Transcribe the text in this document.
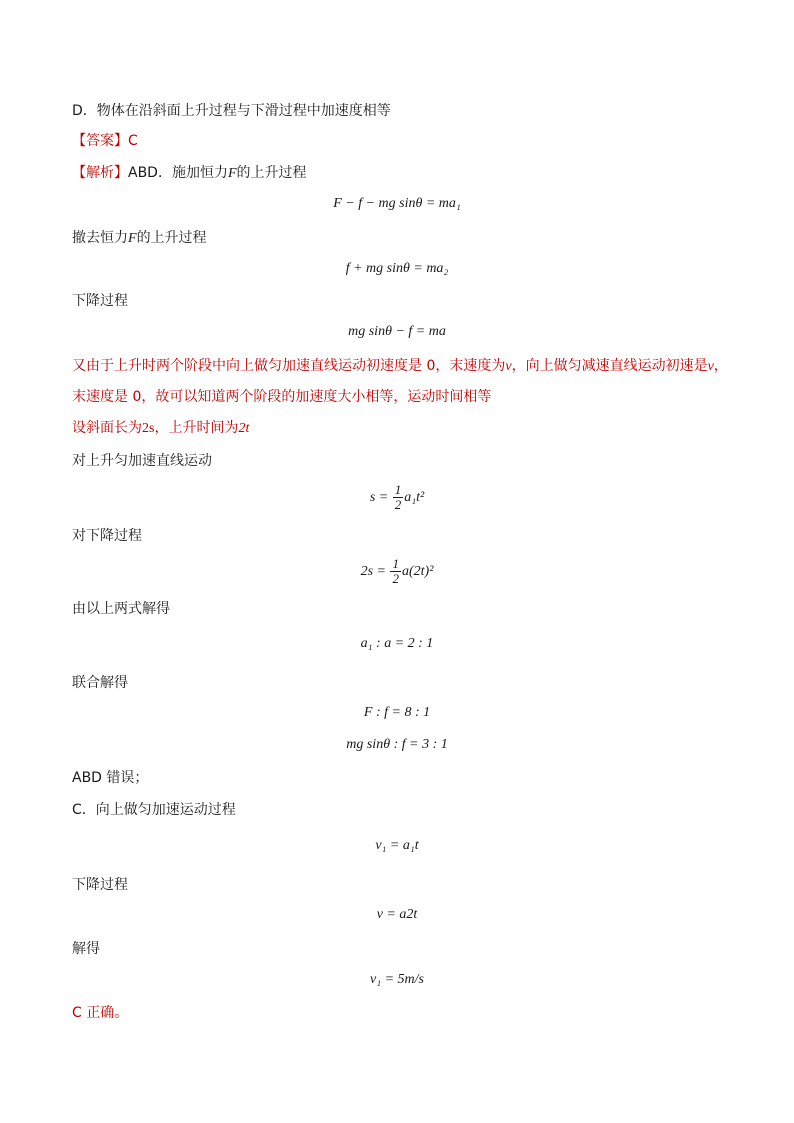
D．物体在沿斜面上升过程与下滑过程中加速度相等
【答案】C
【解析】ABD．施加恒力F的上升过程
F − f − mg sinθ = ma₁
撤去恒力F的上升过程
f + mg sinθ = ma₂
下降过程
mg sinθ − f = ma
又由于上升时两个阶段中向上做匀加速直线运动初速度是 0，末速度为v，向上做匀减速直线运动初速是v，
末速度是 0，故可以知道两个阶段的加速度大小相等，运动时间相等
设斜面长为2s，上升时间为2t
对上升匀加速直线运动
$s = \frac{1}{2} a_1t^2$
对下降过程
$2s = \frac{1}{2} a(2t)^2$
由以上两式解得
a₁ : a = 2 : 1
联合解得
F : f = 8 : 1
mg sinθ : f = 3 : 1
ABD 错误；
C．向上做匀加速运动过程
v₁ = a₁t
下降过程
v = a2t
解得
v₁ = 5m/s
C 正确。
